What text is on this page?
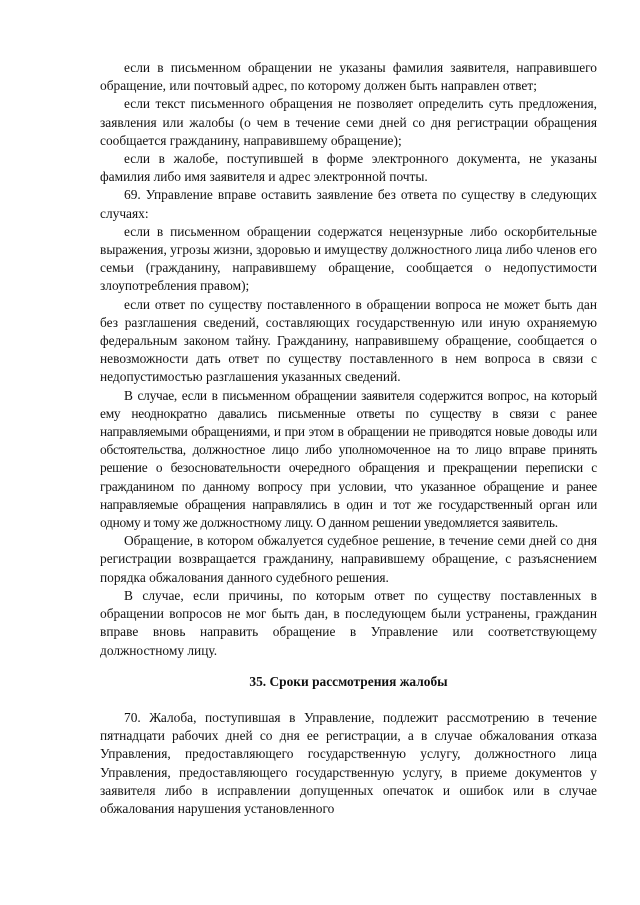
если в письменном обращении не указаны фамилия заявителя, направившего обращение, или почтовый адрес, по которому должен быть направлен ответ;

если текст письменного обращения не позволяет определить суть предложения, заявления или жалобы (о чем в течение семи дней со дня регистрации обращения сообщается гражданину, направившему обращение);

если в жалобе, поступившей в форме электронного документа, не указаны фамилия либо имя заявителя и адрес электронной почты.

69. Управление вправе оставить заявление без ответа по существу в следующих случаях:

если в письменном обращении содержатся нецензурные либо оскорбительные выражения, угрозы жизни, здоровью и имуществу должностного лица либо членов его семьи (гражданину, направившему обращение, сообщается о недопустимости злоупотребления правом);

если ответ по существу поставленного в обращении вопроса не может быть дан без разглашения сведений, составляющих государственную или иную охраняемую федеральным законом тайну. Гражданину, направившему обращение, сообщается о невозможности дать ответ по существу поставленного в нем вопроса в связи с недопустимостью разглашения указанных сведений.

В случае, если в письменном обращении заявителя содержится вопрос, на который ему неоднократно давались письменные ответы по существу в связи с ранее направляемыми обращениями, и при этом в обращении не приводятся новые доводы или обстоятельства, должностное лицо либо уполномоченное на то лицо вправе принять решение о безосновательности очередного обращения и прекращении переписки с гражданином по данному вопросу при условии, что указанное обращение и ранее направляемые обращения направлялись в один и тот же государственный орган или одному и тому же должностному лицу. О данном решении уведомляется заявитель.

Обращение, в котором обжалуется судебное решение, в течение семи дней со дня регистрации возвращается гражданину, направившему обращение, с разъяснением порядка обжалования данного судебного решения.

В случае, если причины, по которым ответ по существу поставленных в обращении вопросов не мог быть дан, в последующем были устранены, гражданин вправе вновь направить обращение в Управление или соответствующему должностному лицу.

35. Сроки рассмотрения жалобы

70. Жалоба, поступившая в Управление, подлежит рассмотрению в течение пятнадцати рабочих дней со дня ее регистрации, а в случае обжалования отказа Управления, предоставляющего государственную услугу, должностного лица Управления, предоставляющего государственную услугу, в приеме документов у заявителя либо в исправлении допущенных опечаток и ошибок или в случае обжалования нарушения установленного
